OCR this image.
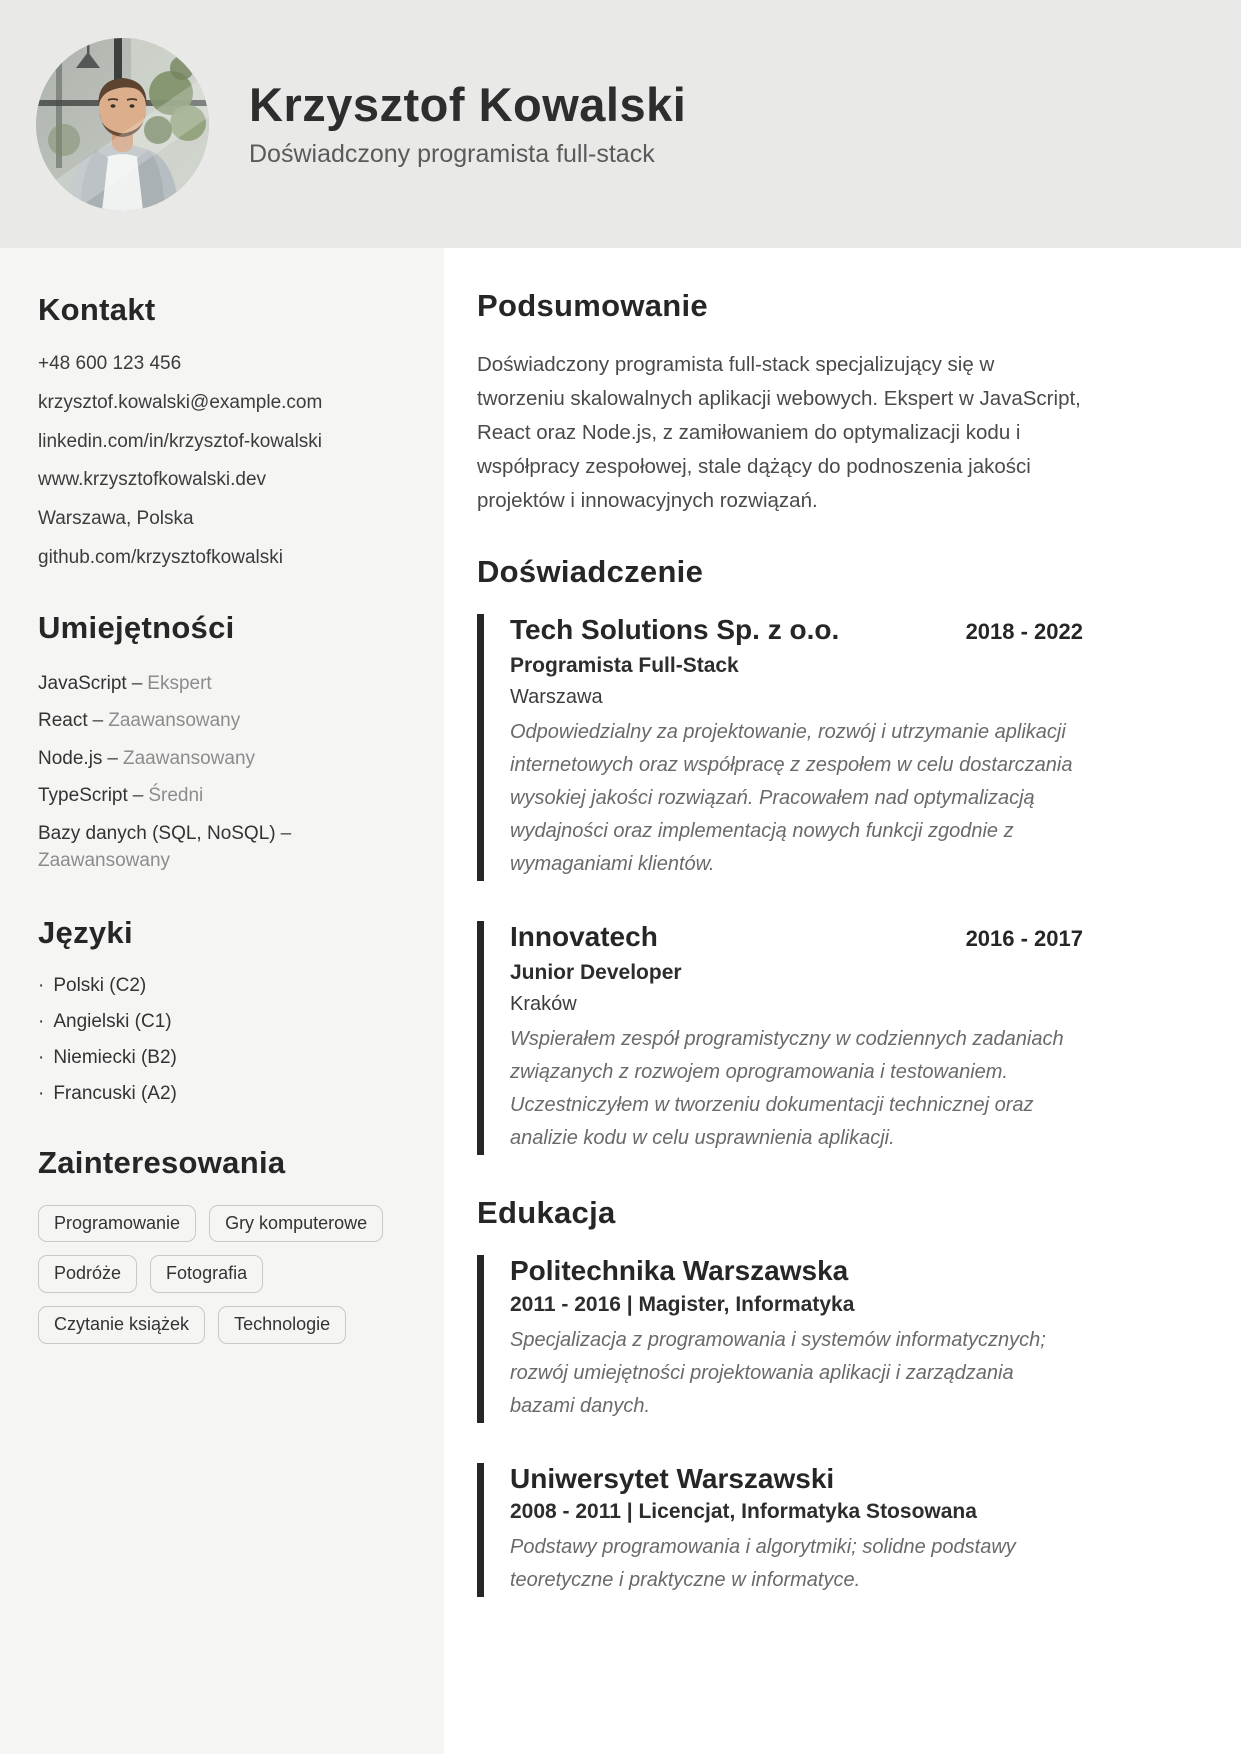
Krzysztof Kowalski
Doświadczony programista full-stack
Kontakt
+48 600 123 456
krzysztof.kowalski@example.com
linkedin.com/in/krzysztof-kowalski
www.krzysztofkowalski.dev
Warszawa, Polska
github.com/krzysztofkowalski
Umiejętności
JavaScript – Ekspert
React – Zaawansowany
Node.js – Zaawansowany
TypeScript – Średni
Bazy danych (SQL, NoSQL) –Zaawansowany
Języki
· Polski (C2)
· Angielski (C1)
· Niemiecki (B2)
· Francuski (A2)
Zainteresowania
Programowanie	Gry komputerowe
Podróże	Fotografia
Czytanie książek	Technologie
Podsumowanie

Doświadczony programista full-stack specjalizujący się w tworzeniu skalowalnych aplikacji webowych. Ekspert w JavaScript, React oraz Node.js, z zamiłowaniem do optymalizacji kodu i współpracy zespołowej, stale dążący do podnoszenia jakości projektów i innowacyjnych rozwiązań.

Doświadczenie
Tech Solutions Sp. z o.o.	2018 - 2022
Programista Full-Stack
Warszawa
Odpowiedzialny za projektowanie, rozwój i utrzymanie aplikacji internetowych oraz współpracę z zespołem w celu dostarczania wysokiej jakości rozwiązań. Pracowałem nad optymalizacją wydajności oraz implementacją nowych funkcji zgodnie z wymaganiami klientów.
Innovatech	2016 - 2017
Junior Developer
Kraków
Wspierałem zespół programistyczny w codziennych zadaniach związanych z rozwojem oprogramowania i testowaniem. Uczestniczyłem w tworzeniu dokumentacji technicznej oraz analizie kodu w celu usprawnienia aplikacji.
Edukacja
Politechnika Warszawska
2011 - 2016 | Magister, Informatyka
Specjalizacja z programowania i systemów informatycznych; rozwój umiejętności projektowania aplikacji i zarządzania bazami danych.
Uniwersytet Warszawski
2008 - 2011 | Licencjat, Informatyka Stosowana
Podstawy programowania i algorytmiki; solidne podstawy teoretyczne i praktyczne w informatyce.
